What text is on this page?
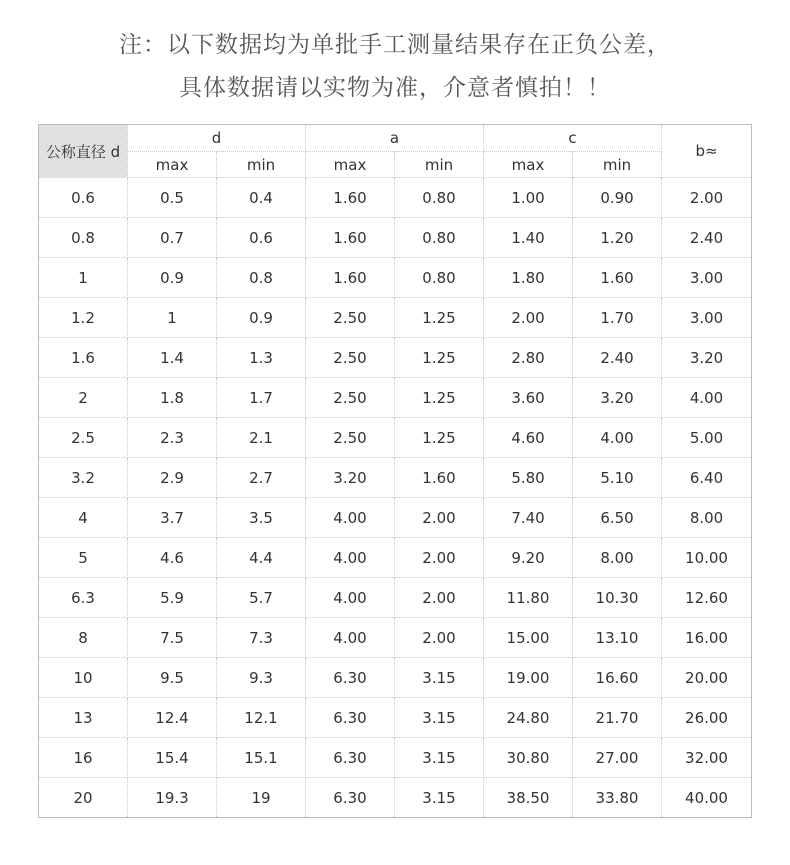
注：以下数据均为单批手工测量结果存在正负公差，
具体数据请以实物为准，介意者慎拍！！
公称直径 d	d		a		c		b≈
	max	min	max	min	max	min	
0.6	0.5	0.4	1.60	0.80	1.00	0.90	2.00
0.8	0.7	0.6	1.60	0.80	1.40	1.20	2.40
1	0.9	0.8	1.60	0.80	1.80	1.60	3.00
1.2	1	0.9	2.50	1.25	2.00	1.70	3.00
1.6	1.4	1.3	2.50	1.25	2.80	2.40	3.20
2	1.8	1.7	2.50	1.25	3.60	3.20	4.00
2.5	2.3	2.1	2.50	1.25	4.60	4.00	5.00
3.2	2.9	2.7	3.20	1.60	5.80	5.10	6.40
4	3.7	3.5	4.00	2.00	7.40	6.50	8.00
5	4.6	4.4	4.00	2.00	9.20	8.00	10.00
6.3	5.9	5.7	4.00	2.00	11.80	10.30	12.60
8	7.5	7.3	4.00	2.00	15.00	13.10	16.00
10	9.5	9.3	6.30	3.15	19.00	16.60	20.00
13	12.4	12.1	6.30	3.15	24.80	21.70	26.00
16	15.4	15.1	6.30	3.15	30.80	27.00	32.00
20	19.3	19	6.30	3.15	38.50	33.80	40.00
